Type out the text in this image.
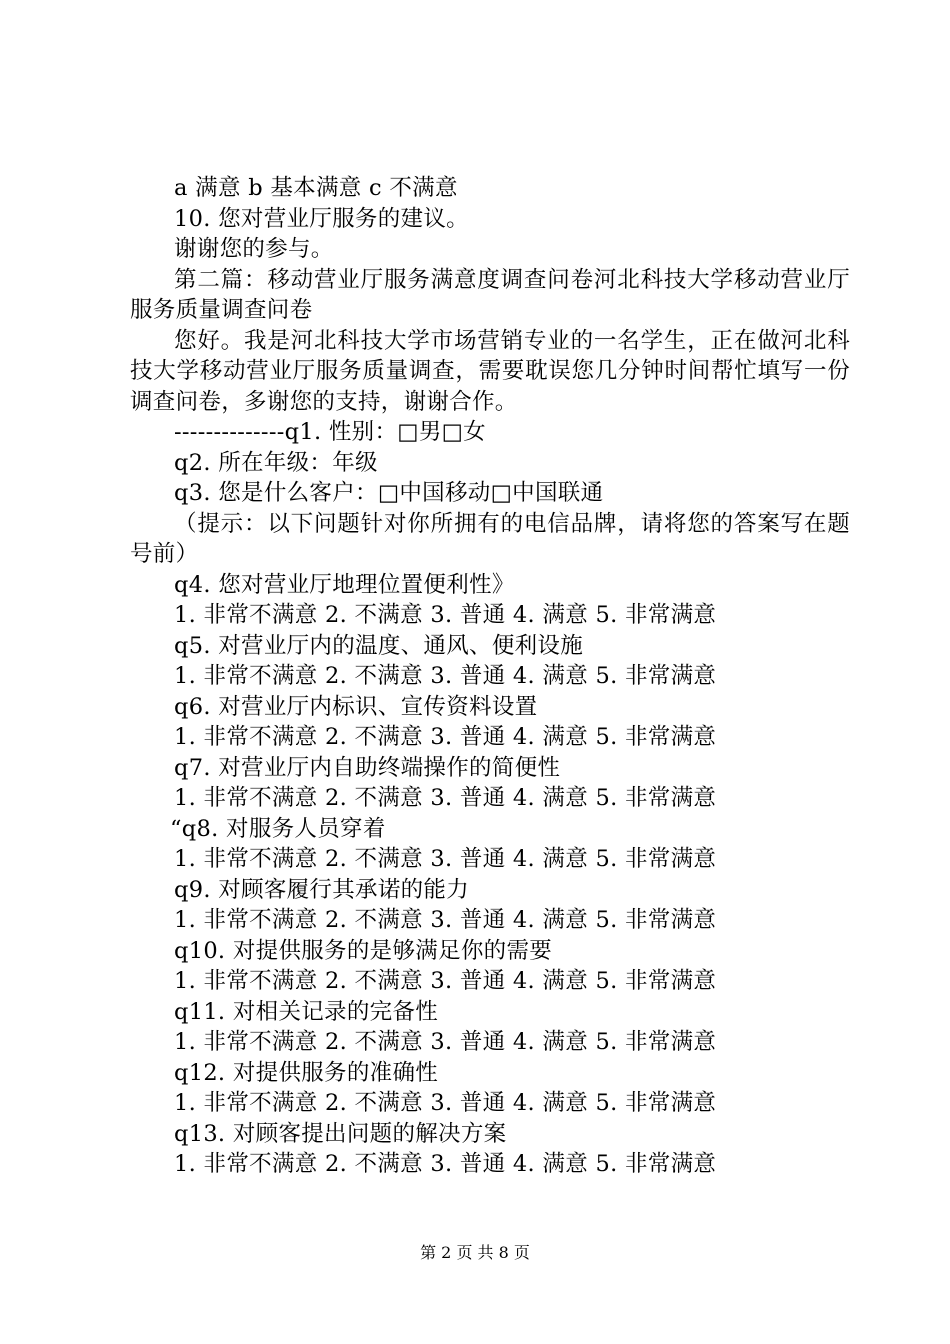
a 满意 b 基本满意 c 不满意
10. 您对营业厅服务的建议。
谢谢您的参与。
第二篇：移动营业厅服务满意度调查问卷河北科技大学移动营业厅服务质量调查问卷
您好。我是河北科技大学市场营销专业的一名学生，正在做河北科技大学移动营业厅服务质量调查，需要耽误您几分钟时间帮忙填写一份调查问卷，多谢您的支持，谢谢合作。
--------------q1. 性别：□男□女
q2. 所在年级：年级
q3. 您是什么客户：□中国移动□中国联通
（提示：以下问题针对你所拥有的电信品牌，请将您的答案写在题号前）
q4. 您对营业厅地理位置便利性》
1. 非常不满意 2. 不满意 3. 普通 4. 满意 5. 非常满意
q5. 对营业厅内的温度、通风、便利设施
1. 非常不满意 2. 不满意 3. 普通 4. 满意 5. 非常满意
q6. 对营业厅内标识、宣传资料设置
1. 非常不满意 2. 不满意 3. 普通 4. 满意 5. 非常满意
q7. 对营业厅内自助终端操作的简便性
1. 非常不满意 2. 不满意 3. 普通 4. 满意 5. 非常满意
“q8. 对服务人员穿着
1. 非常不满意 2. 不满意 3. 普通 4. 满意 5. 非常满意
q9. 对顾客履行其承诺的能力
1. 非常不满意 2. 不满意 3. 普通 4. 满意 5. 非常满意
q10. 对提供服务的是够满足你的需要
1. 非常不满意 2. 不满意 3. 普通 4. 满意 5. 非常满意
q11. 对相关记录的完备性
1. 非常不满意 2. 不满意 3. 普通 4. 满意 5. 非常满意
q12. 对提供服务的准确性
1. 非常不满意 2. 不满意 3. 普通 4. 满意 5. 非常满意
q13. 对顾客提出问题的解决方案
1. 非常不满意 2. 不满意 3. 普通 4. 满意 5. 非常满意
第 2 页 共 8 页
